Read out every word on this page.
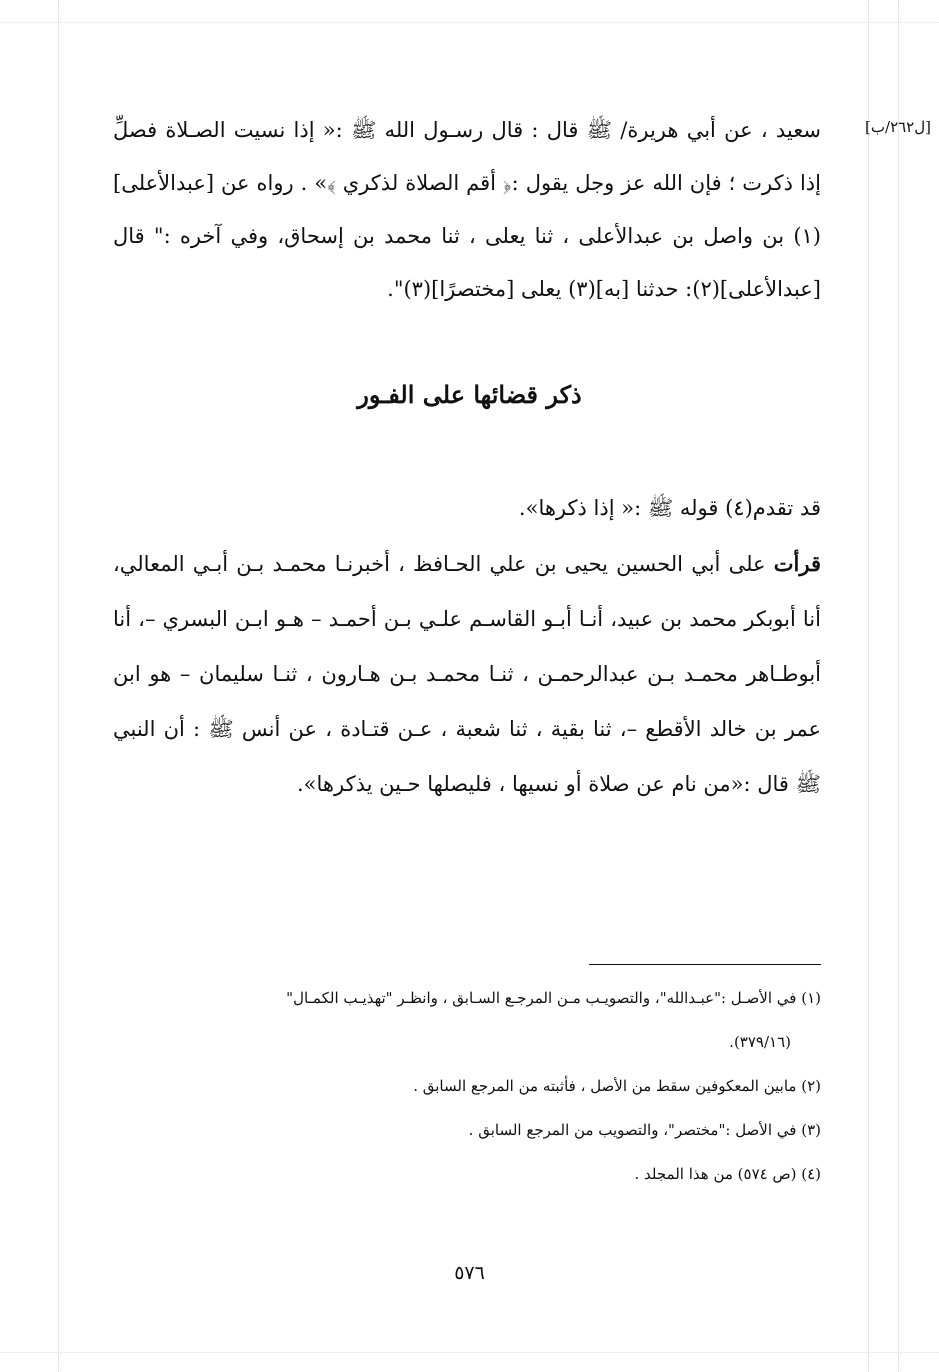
[ل٢٦٢/ب]
سعيد ، عن أبي هريرة/ ﷺ قال : قال رسـول الله ﷺ :« إذا نسيت الصـلاة فصلِّ إذا ذكرت ؛ فإن الله عز وجل يقول :﴿ أقم الصلاة لذكري ﴾» . رواه عن [عبدالأعلى](١) بن واصل بن عبدالأعلى ، ثنا يعلى ، ثنا محمد بن إسحاق، وفي آخره :" قال [عبدالأعلى](٢): حدثنا [به](٣) يعلى [مختصرًا](٣)".
ذكر قضائها على الفـور
قد تقدم(٤) قوله ﷺ :« إذا ذكرها».
قرأت على أبي الحسين يحيى بن علي الحـافظ ، أخبرنـا محمـد بـن أبـي المعالي، أنا أبوبكر محمد بن عبيد، أنـا أبـو القاسـم علـي بـن أحمـد – هـو ابـن البسري –، أنا أبوطـاهر محمـد بـن عبدالرحمـن ، ثنـا محمـد بـن هـارون ، ثنـا سليمان – هو ابن عمر بن خالد الأقطع –، ثنا بقية ، ثنا شعبة ، عـن قتـادة ، عن أنس ﷺ : أن النبي ﷺ قال :«من نام عن صلاة أو نسيها ، فليصلها حـين يذكرها».

(١) في الأصـل :"عبـدالله"، والتصويـب مـن المرجـع السـابق ، وانظـر "تهذيـب الكمـال"

(٣٧٩/١٦).

(٢) مابين المعكوفين سقط من الأصل ، فأثبته من المرجع السابق .

(٣) في الأصل :"مختصر"، والتصويب من المرجع السابق .

(٤) (ص ٥٧٤) من هذا المجلد .

٥٧٦
